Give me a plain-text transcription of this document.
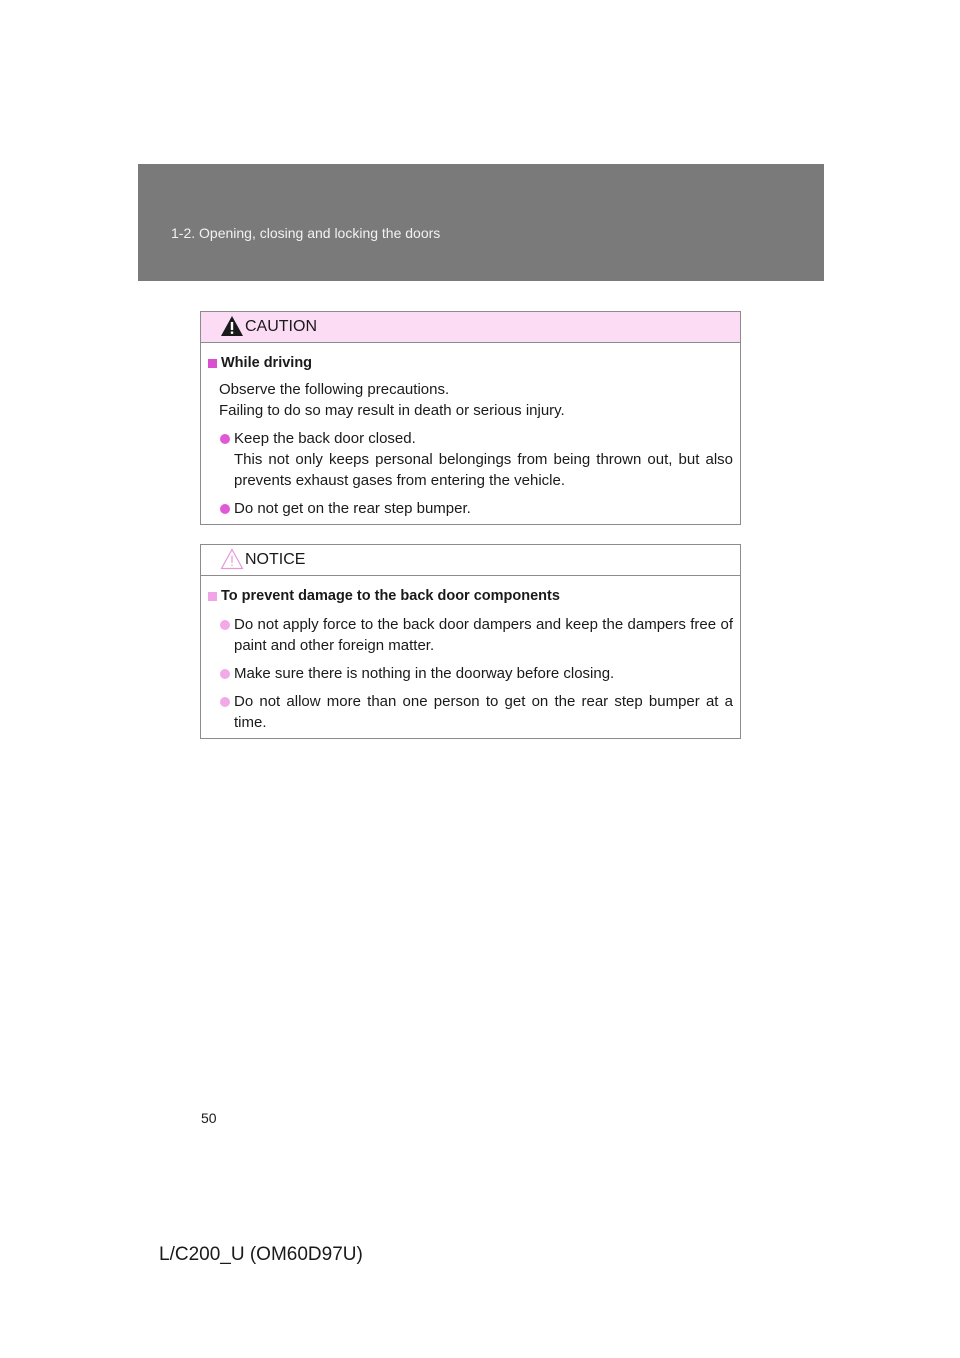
1-2. Opening, closing and locking the doors
CAUTION
While driving
Observe the following precautions.
Failing to do so may result in death or serious injury.
Keep the back door closed.
This not only keeps personal belongings from being thrown out, but also prevents exhaust gases from entering the vehicle.
Do not get on the rear step bumper.
NOTICE
To prevent damage to the back door components
Do not apply force to the back door dampers and keep the dampers free of paint and other foreign matter.
Make sure there is nothing in the doorway before closing.
Do not allow more than one person to get on the rear step bumper at a time.
50
L/C200_U (OM60D97U)
